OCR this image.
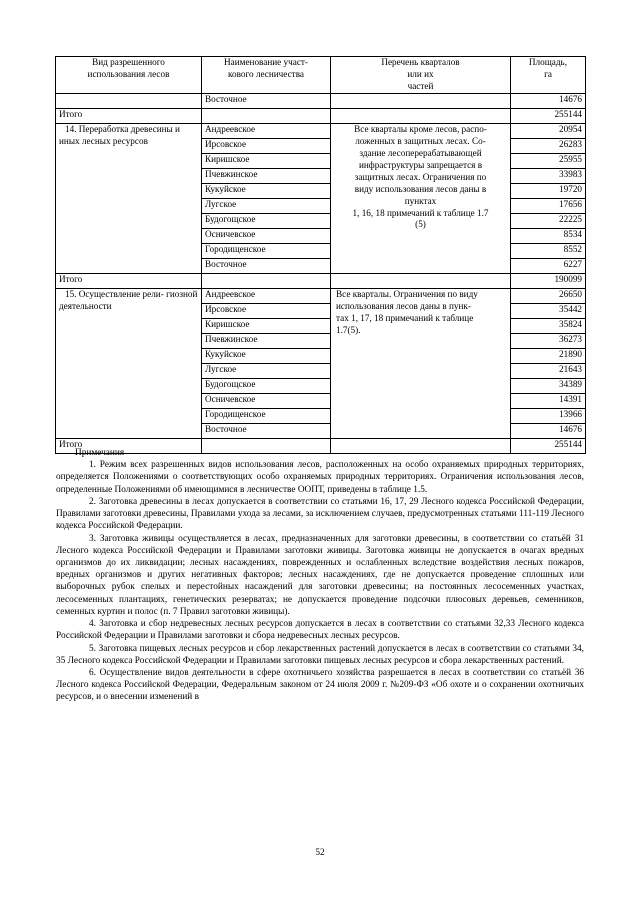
Вид разрешенного
использования лесов	Наименование участ-
кового лесничества	Перечень кварталов
или их
частей	Площадь,
га
	Восточное		14676
Итого			255144
14. Переработка древесины и иных лесных ресурсов	Андреевское	Все кварталы кроме лесов, распо-
ложенных в защитных лесах. Со-
здание лесоперерабатывающей
инфраструктуры запрещается в
защитных лесах. Ограничения по
виду использования лесов даны в
пунктах
1, 16, 18 примечаний к таблице 1.7
(5)	20954
	Ирсовское		26283
	Киришское		25955
	Пчевжинское		33983
	Кукуйское		19720
	Лугское		17656
	Будогощское		22225
	Осничевское		8534
	Городищенское		8552
	Восточное		6227
Итого			190099
15. Осуществление рели- гиозной деятельности	Андреевское	Все кварталы. Ограничения по виду
использования лесов даны в пунк-
тах 1, 17, 18 примечаний к таблице
1.7(5).	26650
	Ирсовское		35442
	Киришское		35824
	Пчевжинское		36273
	Кукуйское		21890
	Лугское		21643
	Будогощское		34389
	Осничевское		14391
	Городищенское		13966
	Восточное		14676
Итого			255144
Примечания

1. Режим всех разрешенных видов использования лесов, расположенных на особо охраняемых природных территориях, определяется Положениями о соответствующих особо охраняемых природных территориях. Ограничения использования лесов, определенные Положениями об имеющимися в лесничестве ООПТ, приведены в таблице 1.5.

2. Заготовка древесины в лесах допускается в соответствии со статьями 16, 17, 29 Лесного кодекса Российской Федерации, Правилами заготовки древесины, Правилами ухода за лесами, за исключением случаев, предусмотренных статьями 111-119 Лесного кодекса Российской Федерации.

3. Заготовка живицы осуществляется в лесах, предназначенных для заготовки древесины, в соответствии со статьёй 31 Лесного кодекса Российской Федерации и Правилами заготовки живицы. Заготовка живицы не допускается в очагах вредных организмов до их ликвидации; лесных насаждениях, поврежденных и ослабленных вследствие воздействия лесных пожаров, вредных организмов и других негативных факторов; лесных насаждениях, где не допускается проведение сплошных или выборочных рубок спелых и перестойных насаждений для заготовки древесины; на постоянных лесосеменных участках, лесосеменных плантациях, генетических резерватах; не допускается проведение подсочки плюсовых деревьев, семенников, семенных куртин и полос (п. 7 Правил заготовки живицы).

4. Заготовка и сбор недревесных лесных ресурсов допускается в лесах в соответствии со статьями 32,33 Лесного кодекса Российской Федерации и Правилами заготовки и сбора недревесных лесных ресурсов.

5. Заготовка пищевых лесных ресурсов и сбор лекарственных растений допускается в лесах в соответствии со статьями 34, 35 Лесного кодекса Российской Федерации и Правилами заготовки пищевых лесных ресурсов и сбора лекарственных растений.

6. Осуществление видов деятельности в сфере охотничьего хозяйства разрешается в лесах в соответствии со статьёй 36 Лесного кодекса Российской Федерации, Федеральным законом от 24 июля 2009 г. №209-ФЗ «Об охоте и о сохранении охотничьих ресурсов, и о внесении изменений в

52
